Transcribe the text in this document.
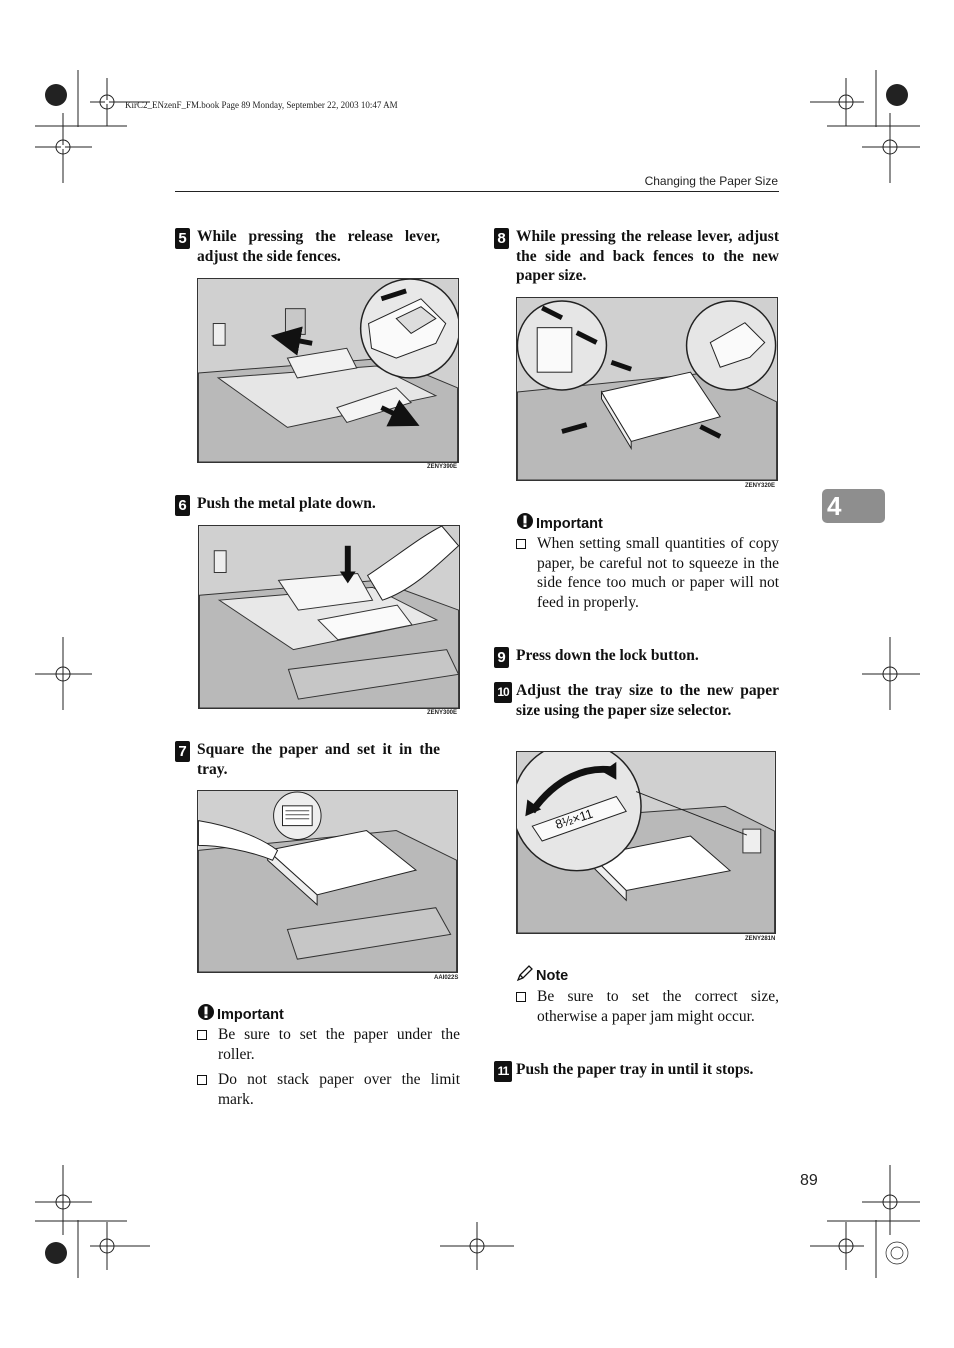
KirC2_ENzenF_FM.book Page 89 Monday, September 22, 2003 10:47 AM
Changing the Paper Size
4
89
5 While pressing the release lever, adjust the side fences.
ZENY390E
6 Push the metal plate down.
ZENY300E
7 Square the paper and set it in the tray.
AAI022S
Important
Be sure to set the paper under the roller.
Do not stack paper over the limit mark.
8 While pressing the release lever, adjust the side and back fences to the new paper size.
ZENY320E
Important
When setting small quantities of copy paper, be careful not to squeeze in the side fence too much or paper will not feed in properly.
9 Press down the lock button.
10 Adjust the tray size to the new paper size using the paper size selector.
8½×11
ZENY281N
Note
Be sure to set the correct size, otherwise a paper jam might occur.
11 Push the paper tray in until it stops.
